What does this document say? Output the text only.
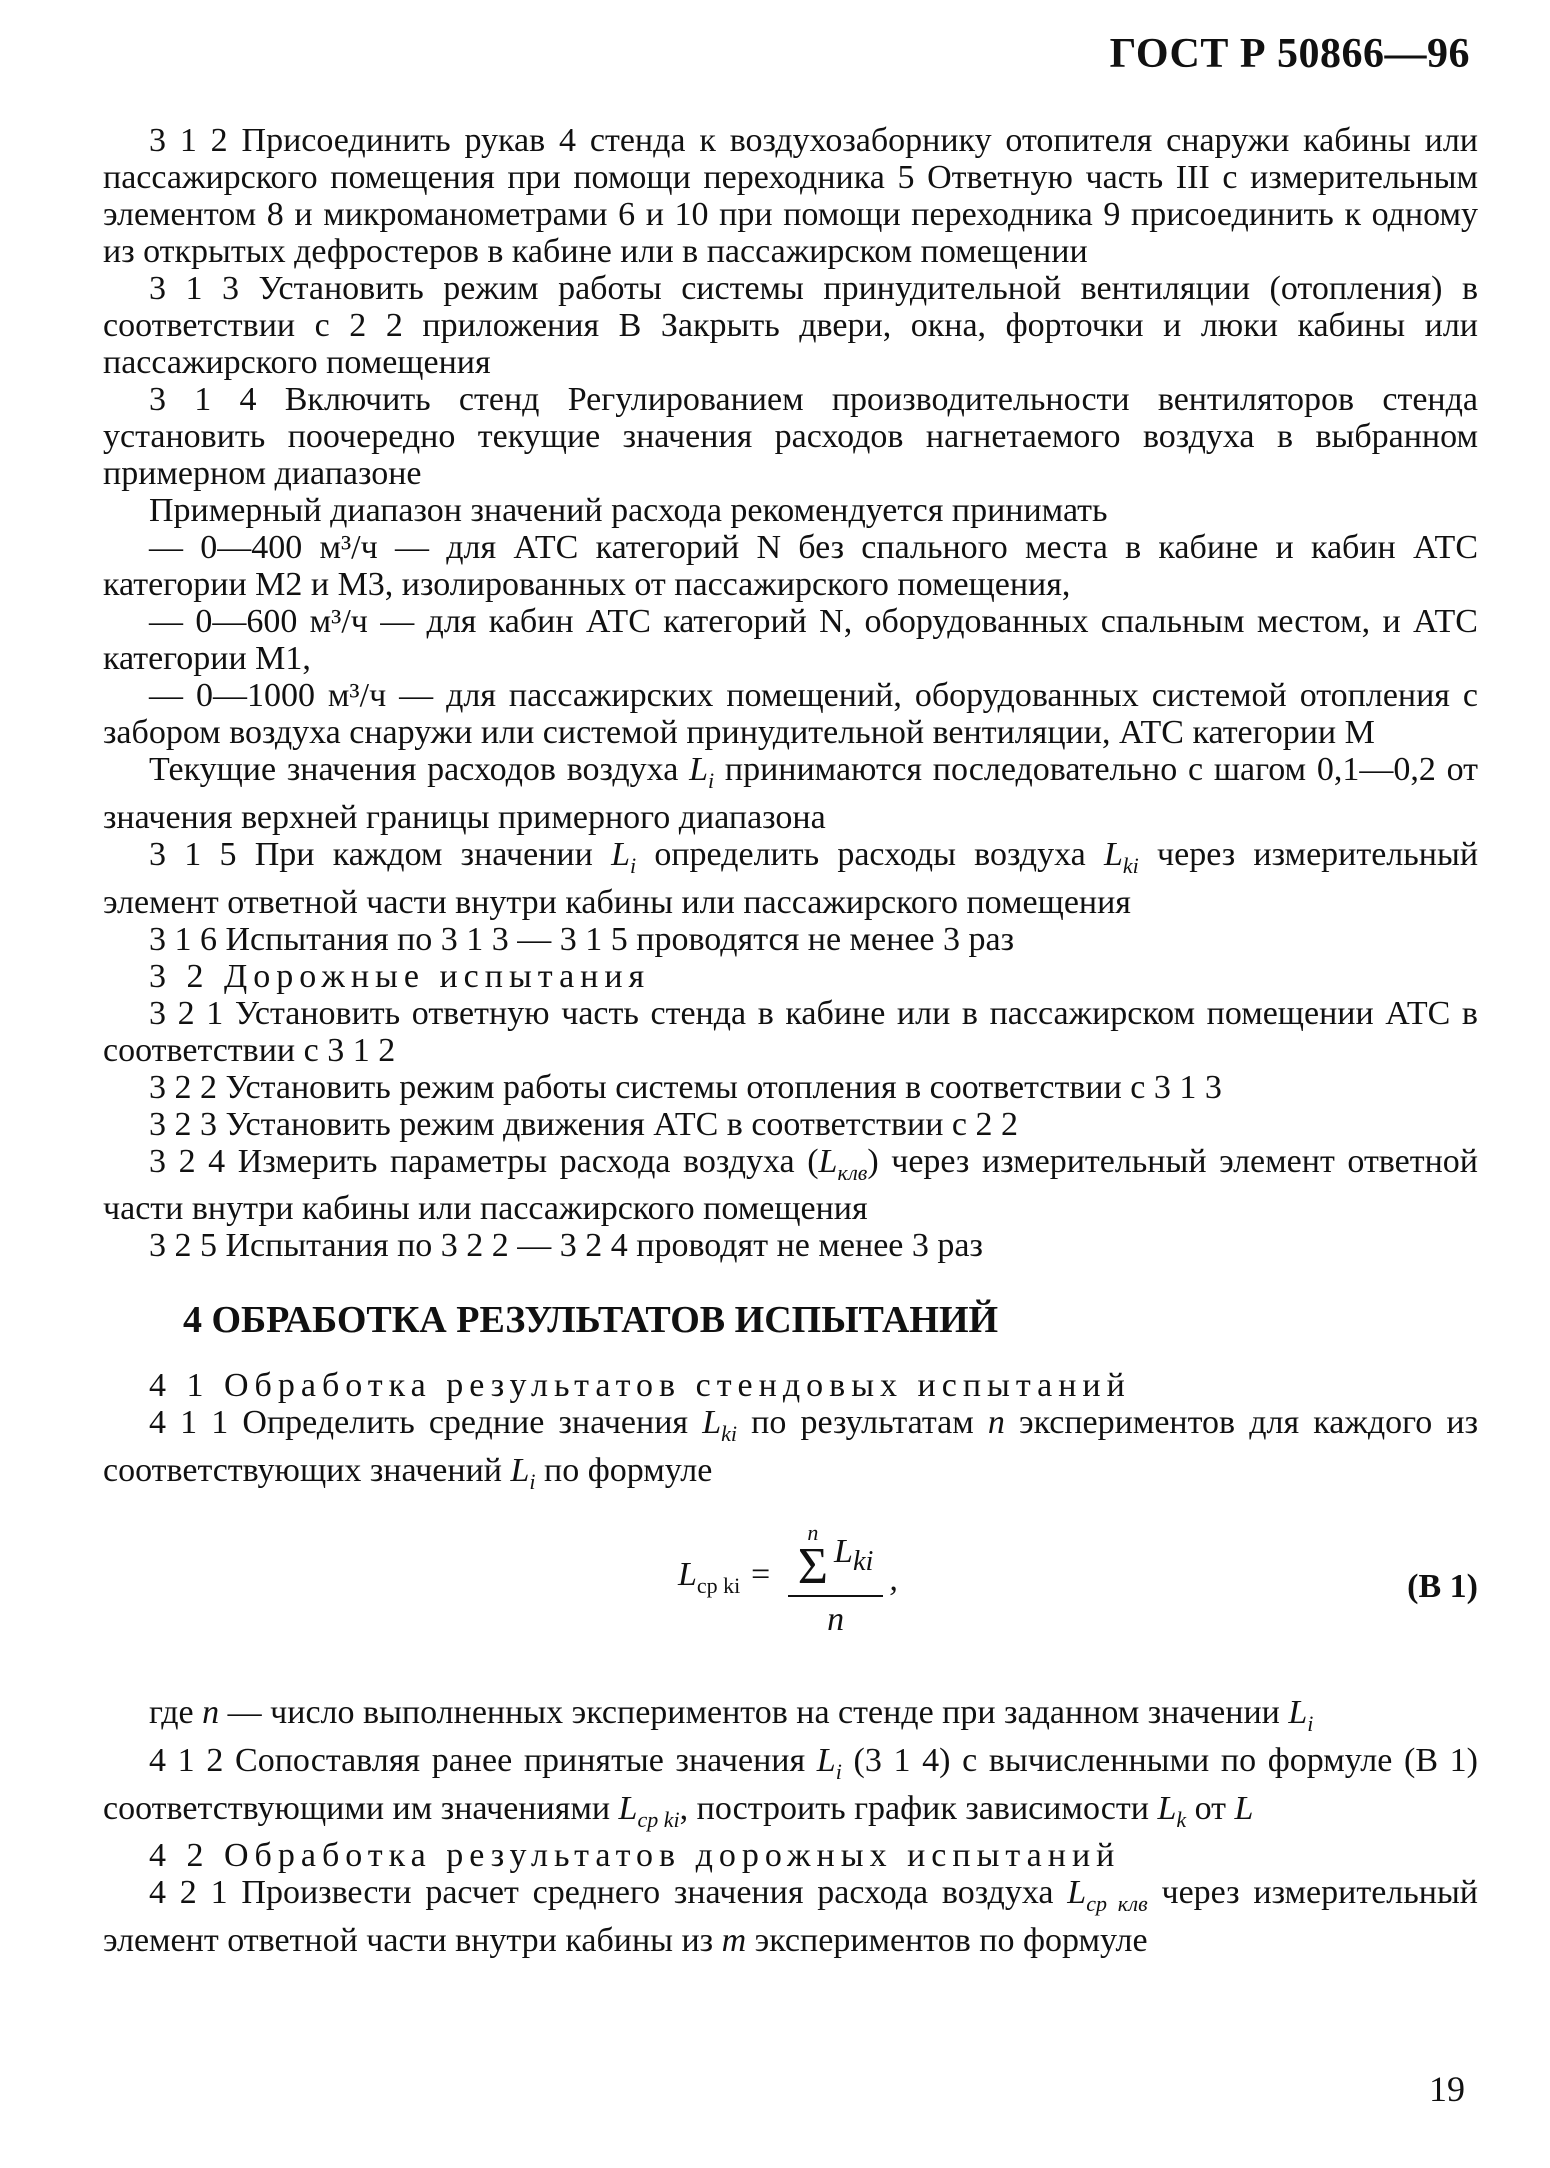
ГОСТ Р 50866—96

3 1 2 Присоединить рукав 4 стенда к воздухозаборнику отопителя снаружи кабины или пассажирского помещения при помощи переходника 5 Ответную часть III с измерительным элементом 8 и микроманометрами 6 и 10 при помощи переходника 9 присоединить к одному из открытых дефростеров в кабине или в пассажирском помещении

3 1 3 Установить режим работы системы принудительной вентиляции (отопления) в соответствии с 2 2 приложения В Закрыть двери, окна, форточки и люки кабины или пассажирского помещения

3 1 4 Включить стенд Регулированием производительности вентиляторов стенда установить поочередно текущие значения расходов нагнетаемого воздуха в выбранном примерном диапазоне

Примерный диапазон значений расхода рекомендуется принимать

— 0—400 м³/ч — для АТС категорий N без спального места в кабине и кабин АТС категории M2 и M3, изолированных от пассажирского помещения,

— 0—600 м³/ч — для кабин АТС категорий N, оборудованных спальным местом, и АТС категории M1,

— 0—1000 м³/ч — для пассажирских помещений, оборудованных системой отопления с забором воздуха снаружи или системой принудительной вентиляции, АТС категории M

Текущие значения расходов воздуха $L_i$ принимаются последовательно с шагом 0,1—0,2 от значения верхней границы примерного диапазона

3 1 5 При каждом значении $L_i$ определить расходы воздуха $L_{ki}$ через измерительный элемент ответной части внутри кабины или пассажирского помещения

3 1 6 Испытания по 3 1 3 — 3 1 5 проводятся не менее 3 раз

3 2 Дорожные испытания

3 2 1 Установить ответную часть стенда в кабине или в пассажирском помещении АТС в соответствии с 3 1 2

3 2 2 Установить режим работы системы отопления в соответствии с 3 1 3

3 2 3 Установить режим движения АТС в соответствии с 2 2

3 2 4 Измерить параметры расхода воздуха $(L_{клв})$ через измерительный элемент ответной части внутри кабины или пассажирского помещения

3 2 5 Испытания по 3 2 2 — 3 2 4 проводят не менее 3 раз

4 ОБРАБОТКА РЕЗУЛЬТАТОВ ИСПЫТАНИЙ

4 1 Обработка результатов стендовых испытаний

4 1 1 Определить средние значения $L_{ki}$ по результатам n экспериментов для каждого из соответствующих значений $L_i$ по формуле

$L_{ср ki} = n$
Σ $L_{ki}$
n ,	(В 1)

где n — число выполненных экспериментов на стенде при заданном значении $L_i$

4 1 2 Сопоставляя ранее принятые значения $L_i$ (3 1 4) с вычисленными по формуле (В 1) соответствующими им значениями $L_{ср ki}$, построить график зависимости $L_k$ от L

4 2 Обработка результатов дорожных испытаний

4 2 1 Произвести расчет среднего значения расхода воздуха $L_{ср клв}$ через измерительный элемент ответной части внутри кабины из m экспериментов по формуле

19
